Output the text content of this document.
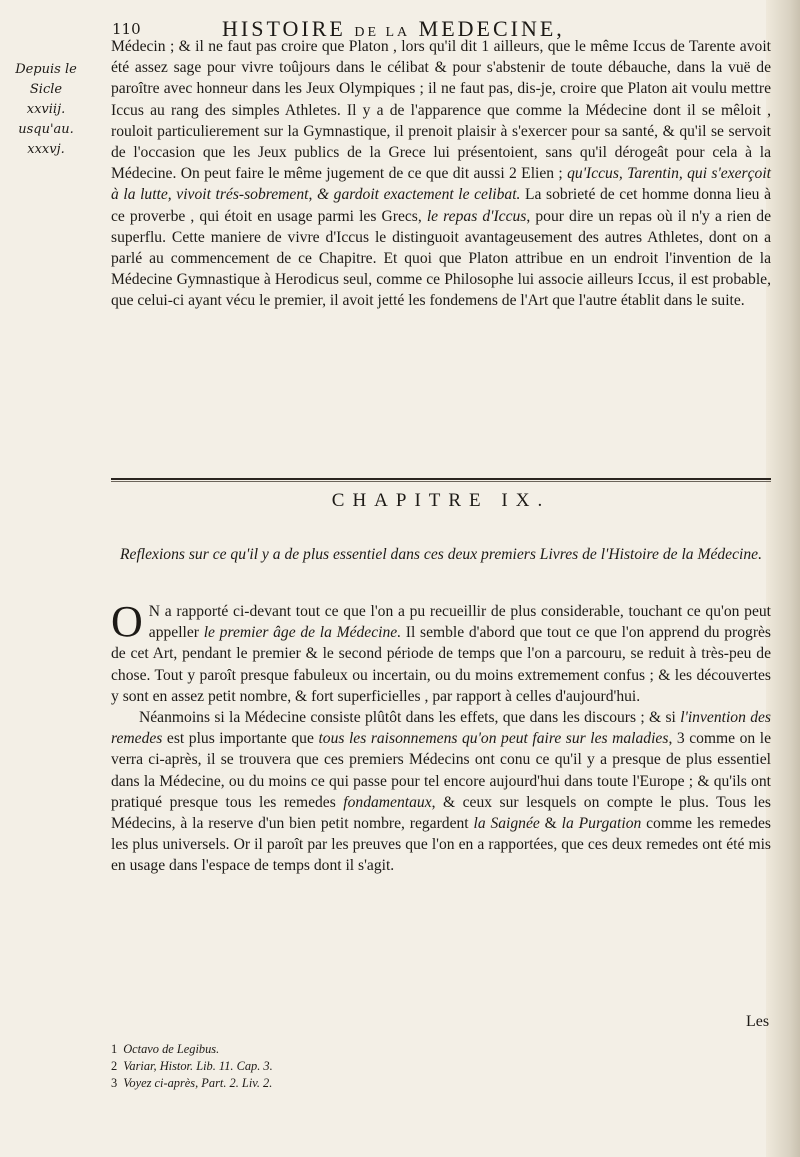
Depuis le
Sicle
xxviij.
usqu'au.
xxxvj.
110	HISTOIRE DE LA MEDECINE,

Médecin ; & il ne faut pas croire que Platon , lors qu'il dit 1 ailleurs, que le même Iccus de Tarente avoit été assez sage pour vivre toûjours dans le célibat & pour s'abstenir de toute débauche, dans la vuë de paroître avec honneur dans les Jeux Olympiques ; il ne faut pas, dis-je, croire que Platon ait voulu mettre Iccus au rang des simples Athletes. Il y a de l'apparence que comme la Médecine dont il se mêloit , rouloit particulierement sur la Gymnastique, il prenoit plaisir à s'exercer pour sa santé, & qu'il se servoit de l'occasion que les Jeux publics de la Grece lui présentoient, sans qu'il dérogeât pour cela à la Médecine. On peut faire le même jugement de ce que dit aussi 2 Elien ; qu'Iccus, Tarentin, qui s'exerçoit à la lutte, vivoit trés-sobrement, & gardoit exactement le celibat. La sobrieté de cet homme donna lieu à ce proverbe , qui étoit en usage parmi les Grecs, le repas d'Iccus, pour dire un repas où il n'y a rien de superflu. Cette maniere de vivre d'Iccus le distinguoit avantageusement des autres Athletes, dont on a parlé au commencement de ce Chapitre. Et quoi que Platon attribue en un endroit l'invention de la Médecine Gymnastique à Herodicus seul, comme ce Philosophe lui associe ailleurs Iccus, il est probable, que celui-ci ayant vécu le premier, il avoit jetté les fondemens de l'Art que l'autre établit dans le suite.

CHAPITRE IX.
Reflexions sur ce qu'il y a de plus essentiel dans ces deux premiers Livres de l'Histoire de la Médecine.

O N a rapporté ci-devant tout ce que l'on a pu recueillir de plus considerable, touchant ce qu'on peut appeller le premier âge de la Médecine. Il semble d'abord que tout ce que l'on apprend du progrès de cet Art, pendant le premier & le second période de temps que l'on a parcouru, se reduit à très-peu de chose. Tout y paroît presque fabuleux ou incertain, ou du moins extremement confus ; & les découvertes y sont en assez petit nombre, & fort superficielles , par rapport à celles d'aujourd'hui.

Néanmoins si la Médecine consiste plûtôt dans les effets, que dans les discours ; & si l'invention des remedes est plus importante que tous les raisonnemens qu'on peut faire sur les maladies, 3 comme on le verra ci-après, il se trouvera que ces premiers Médecins ont conu ce qu'il y a presque de plus essentiel dans la Médecine, ou du moins ce qui passe pour tel encore aujourd'hui dans toute l'Europe ; & qu'ils ont pratiqué presque tous les remedes fondamentaux, & ceux sur lesquels on compte le plus. Tous les Médecins, à la reserve d'un bien petit nombre, regardent la Saignée & la Purgation comme les remedes les plus universels. Or il paroît par les preuves que l'on en a rapportées, que ces deux remedes ont été mis en usage dans l'espace de temps dont il s'agit.

Les
1 Octavo de Legibus.
2 Variar, Histor. Lib. 11. Cap. 3.
3 Voyez ci-après, Part. 2. Liv. 2.
